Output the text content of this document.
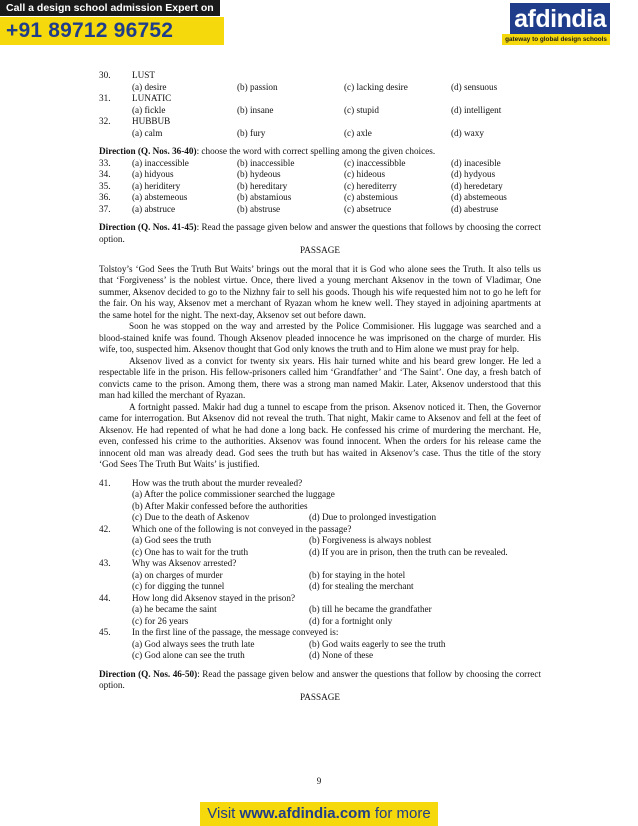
Call a design school admission Expert on
+91 89712 96752	afdindia
gateway to global design schools
30. LUST
(a) desire	(b) passion	(c) lacking desire	(d) sensuous
31. LUNATIC
(a) fickle	(b) insane	(c) stupid	(d) intelligent
32. HUBBUB
(a) calm	(b) fury	(c) axle	(d) waxy
Direction (Q. Nos. 36-40): choose the word with correct spelling among the given choices.
33. (a) inaccessible	(b) inaccessible	(c) inaccessibble	(d) inacesible
34. (a) hidyous	(b) hydeous	(c) hideous	(d) hydyous
35. (a) heriditery	(b) hereditary	(c) herediterry	(d) heredetary
36. (a) abstemeous	(b) abstamious	(c) abstemious	(d) abstemeous
37. (a) abstruce	(b) abstruse	(c) absetruce	(d) abestruse
Direction (Q. Nos. 41-45): Read the passage given below and answer the questions that follows by choosing the correct option.
PASSAGE
Tolstoy’s ‘God Sees the Truth But Waits’ brings out the moral that it is God who alone sees the Truth. It also tells us that ‘Forgiveness’ is the noblest virtue. Once, there lived a young merchant Aksenov in the town of Vladimar, One summer, Aksenov decided to go to the Nizhny fair to sell his goods. Though his wife requested him not to go he left for the fair. On his way, Aksenov met a merchant of Ryazan whom he knew well. They stayed in adjoining apartments at the same hotel for the night. The next-day, Aksenov set out before dawn.
Soon he was stopped on the way and arrested by the Police Commisioner. His luggage was searched and a blood-stained knife was found. Though Aksenov pleaded innocence he was imprisoned on the charge of murder. His wife, too, suspected him. Aksenov thought that God only knows the truth and to Him alone we must pray for help.
Aksenov lived as a convict for twenty six years. His hair turned white and his beard grew longer. He led a respectable life in the prison. His fellow-prisoners called him ‘Grandfather’ and ‘The Saint’. One day, a fresh batch of convicts came to the prison. Among them, there was a strong man named Makir. Later, Aksenov understood that this man had killed the merchant of Ryazan.
A fortnight passed. Makir had dug a tunnel to escape from the prison. Aksenov noticed it. Then, the Governor came for interrogation. But Aksenov did not reveal the truth. That night, Makir came to Aksenov and fell at the feet of Aksenov. He had repented of what he had done a long back. He confessed his crime of murdering the merchant. He, even, confessed his crime to the authorities. Aksenov was found innocent. When the orders for his release came the innocent old man was already dead. God sees the truth but has waited in Aksenov’s case. Thus the title of the story ‘God Sees The Truth But Waits’ is justified.
41. How was the truth about the murder revealed?
(a) After the police commissioner searched the luggage
(b) After Makir confessed before the authorities
(c) Due to the death of Askenov	(d) Due to prolonged investigation
42. Which one of the following is not conveyed in the passage?
(a) God sees the truth	(b) Forgiveness is always noblest
(c) One has to wait for the truth	(d) If you are in prison, then the truth can be revealed.
43. Why was Aksenov arrested?
(a) on charges of murder	(b) for staying in the hotel
(c) for digging the tunnel	(d) for stealing the merchant
44. How long did Aksenov stayed in the prison?
(a) he became the saint	(b) till he became the grandfather
(c) for 26 years	(d) for a fortnight only
45. In the first line of the passage, the message conveyed is:
(a) God always sees the truth late	(b) God waits eagerly to see the truth
(c) God alone can see the truth	(d) None of these
Direction (Q. Nos. 46-50): Read the passage given below and answer the questions that follow by choosing the correct option.
PASSAGE
9
Visit www.afdindia.com for more
